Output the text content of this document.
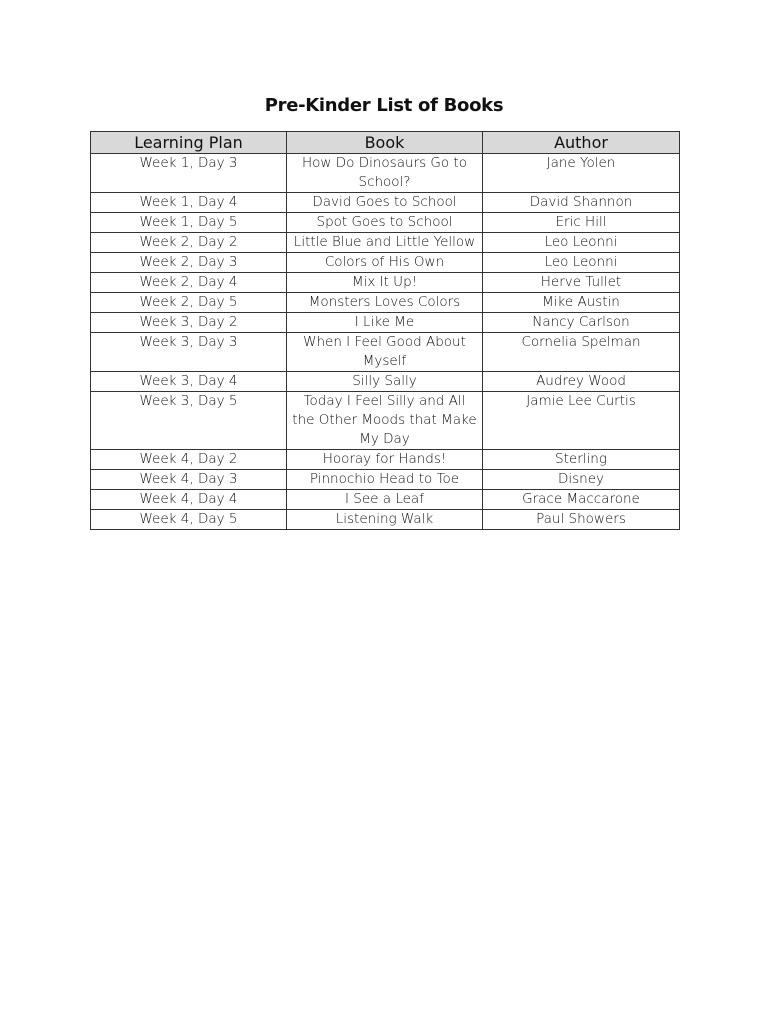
Pre-Kinder List of Books
Learning Plan	Book	Author
Week 1, Day 3	How Do Dinosaurs Go to School?	Jane Yolen
Week 1, Day 4	David Goes to School	David Shannon
Week 1, Day 5	Spot Goes to School	Eric Hill
Week 2, Day 2	Little Blue and Little Yellow	Leo Leonni
Week 2, Day 3	Colors of His Own	Leo Leonni
Week 2, Day 4	Mix It Up!	Herve Tullet
Week 2, Day 5	Monsters Loves Colors	Mike Austin
Week 3, Day 2	I Like Me	Nancy Carlson
Week 3, Day 3	When I Feel Good About Myself	Cornelia Spelman
Week 3, Day 4	Silly Sally	Audrey Wood
Week 3, Day 5	Today I Feel Silly and All the Other Moods that Make My Day	Jamie Lee Curtis
Week 4, Day 2	Hooray for Hands!	Sterling
Week 4, Day 3	Pinnochio Head to Toe	Disney
Week 4, Day 4	I See a Leaf	Grace Maccarone
Week 4, Day 5	Listening Walk	Paul Showers
